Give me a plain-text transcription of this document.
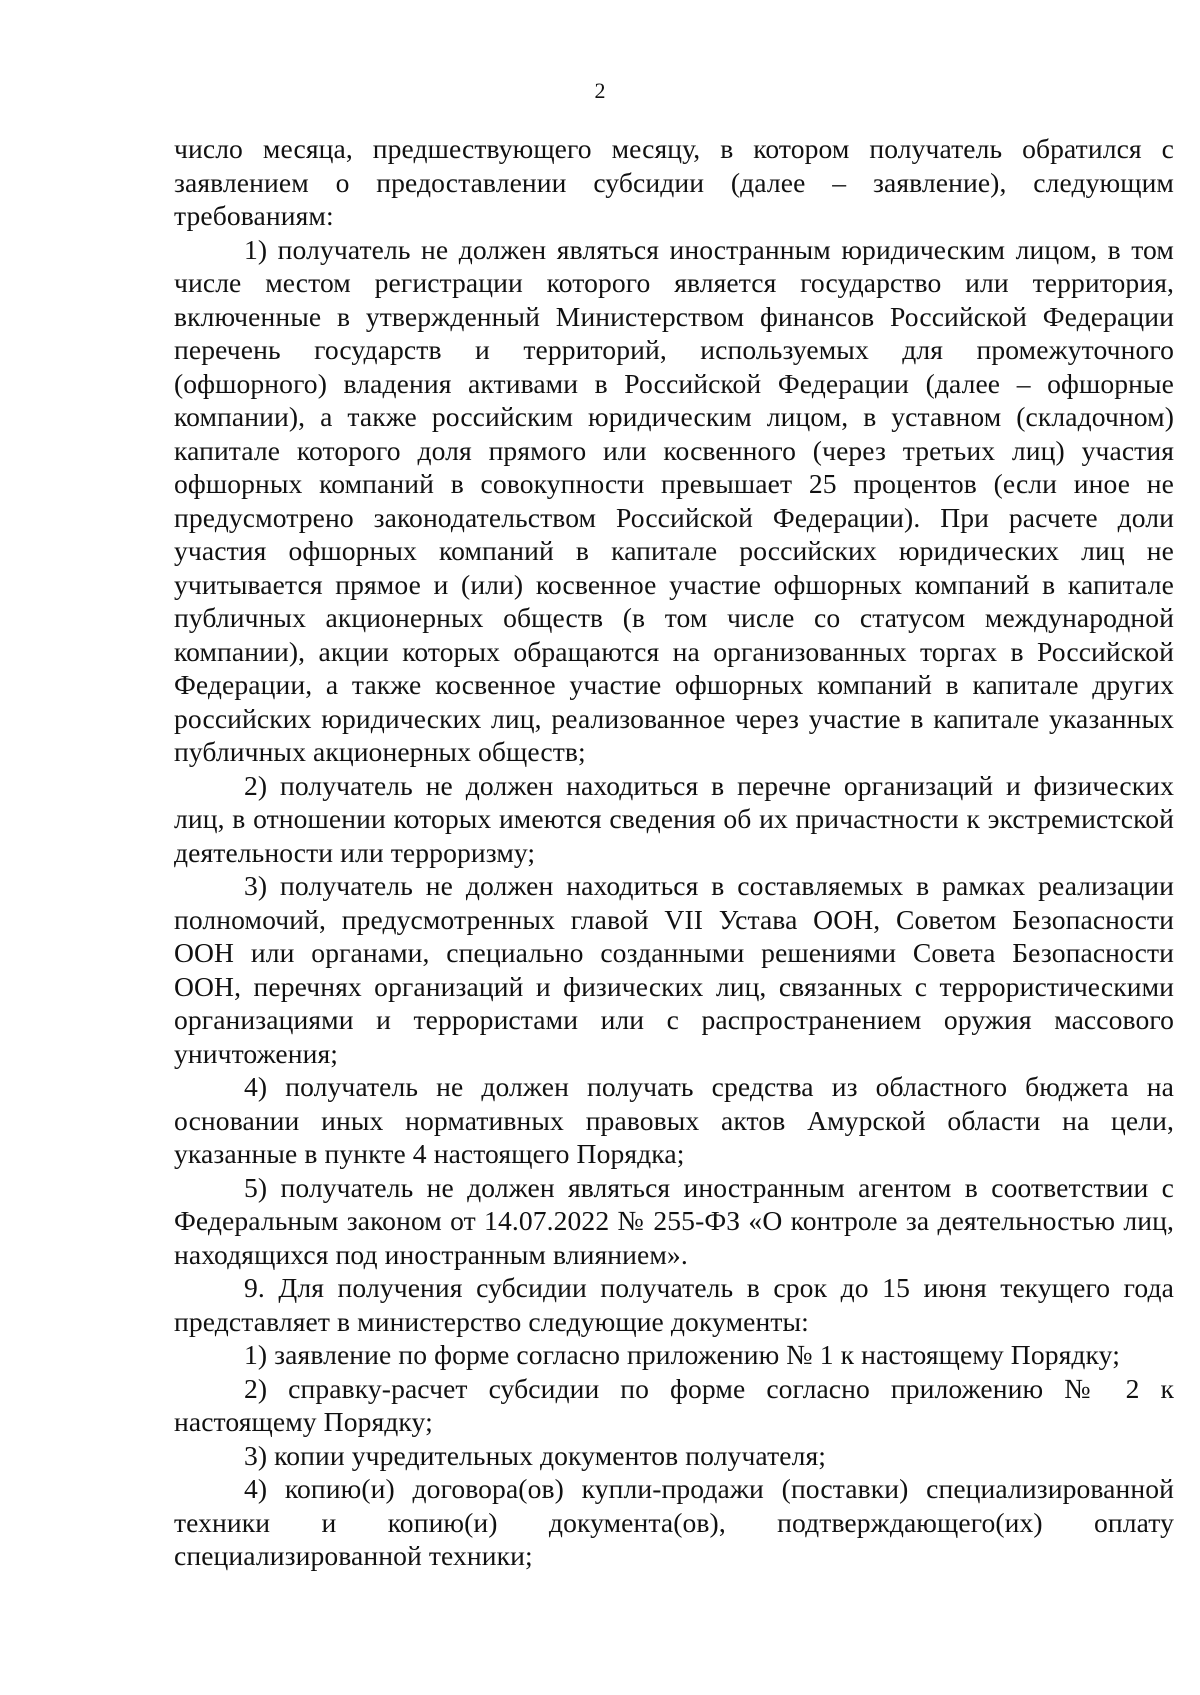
2

число месяца, предшествующего месяцу, в котором получатель обратился с заявлением о предоставлении субсидии (далее – заявление), следующим требованиям:

1) получатель не должен являться иностранным юридическим лицом, в том числе местом регистрации которого является государство или территория, включенные в утвержденный Министерством финансов Российской Федерации перечень государств и территорий, используемых для промежуточного (офшорного) владения активами в Российской Федерации (далее – офшорные компании), а также российским юридическим лицом, в уставном (складочном) капитале которого доля прямого или косвенного (через третьих лиц) участия офшорных компаний в совокупности превышает 25 процентов (если иное не предусмотрено законодательством Российской Федерации). При расчете доли участия офшорных компаний в капитале российских юридических лиц не учитывается прямое и (или) косвенное участие офшорных компаний в капитале публичных акционерных обществ (в том числе со статусом международной компании), акции которых обращаются на организованных торгах в Российской Федерации, а также косвенное участие офшорных компаний в капитале других российских юридических лиц, реализованное через участие в капитале указанных публичных акционерных обществ;

2) получатель не должен находиться в перечне организаций и физических лиц, в отношении которых имеются сведения об их причастности к экстремистской деятельности или терроризму;

3) получатель не должен находиться в составляемых в рамках реализации полномочий, предусмотренных главой VII Устава ООН, Советом Безопасности ООН или органами, специально созданными решениями Совета Безопасности ООН, перечнях организаций и физических лиц, связанных с террористическими организациями и террористами или с распространением оружия массового уничтожения;

4) получатель не должен получать средства из областного бюджета на основании иных нормативных правовых актов Амурской области на цели, указанные в пункте 4 настоящего Порядка;

5) получатель не должен являться иностранным агентом в соответствии с Федеральным законом от 14.07.2022 № 255-ФЗ «О контроле за деятельностью лиц, находящихся под иностранным влиянием».

9. Для получения субсидии получатель в срок до 15 июня текущего года представляет в министерство следующие документы:

1) заявление по форме согласно приложению № 1 к настоящему Порядку;

2) справку-расчет субсидии по форме согласно приложению № 2 к настоящему Порядку;

3) копии учредительных документов получателя;

4) копию(и) договора(ов) купли-продажи (поставки) специализированной техники и копию(и) документа(ов), подтверждающего(их) оплату специализированной техники;
